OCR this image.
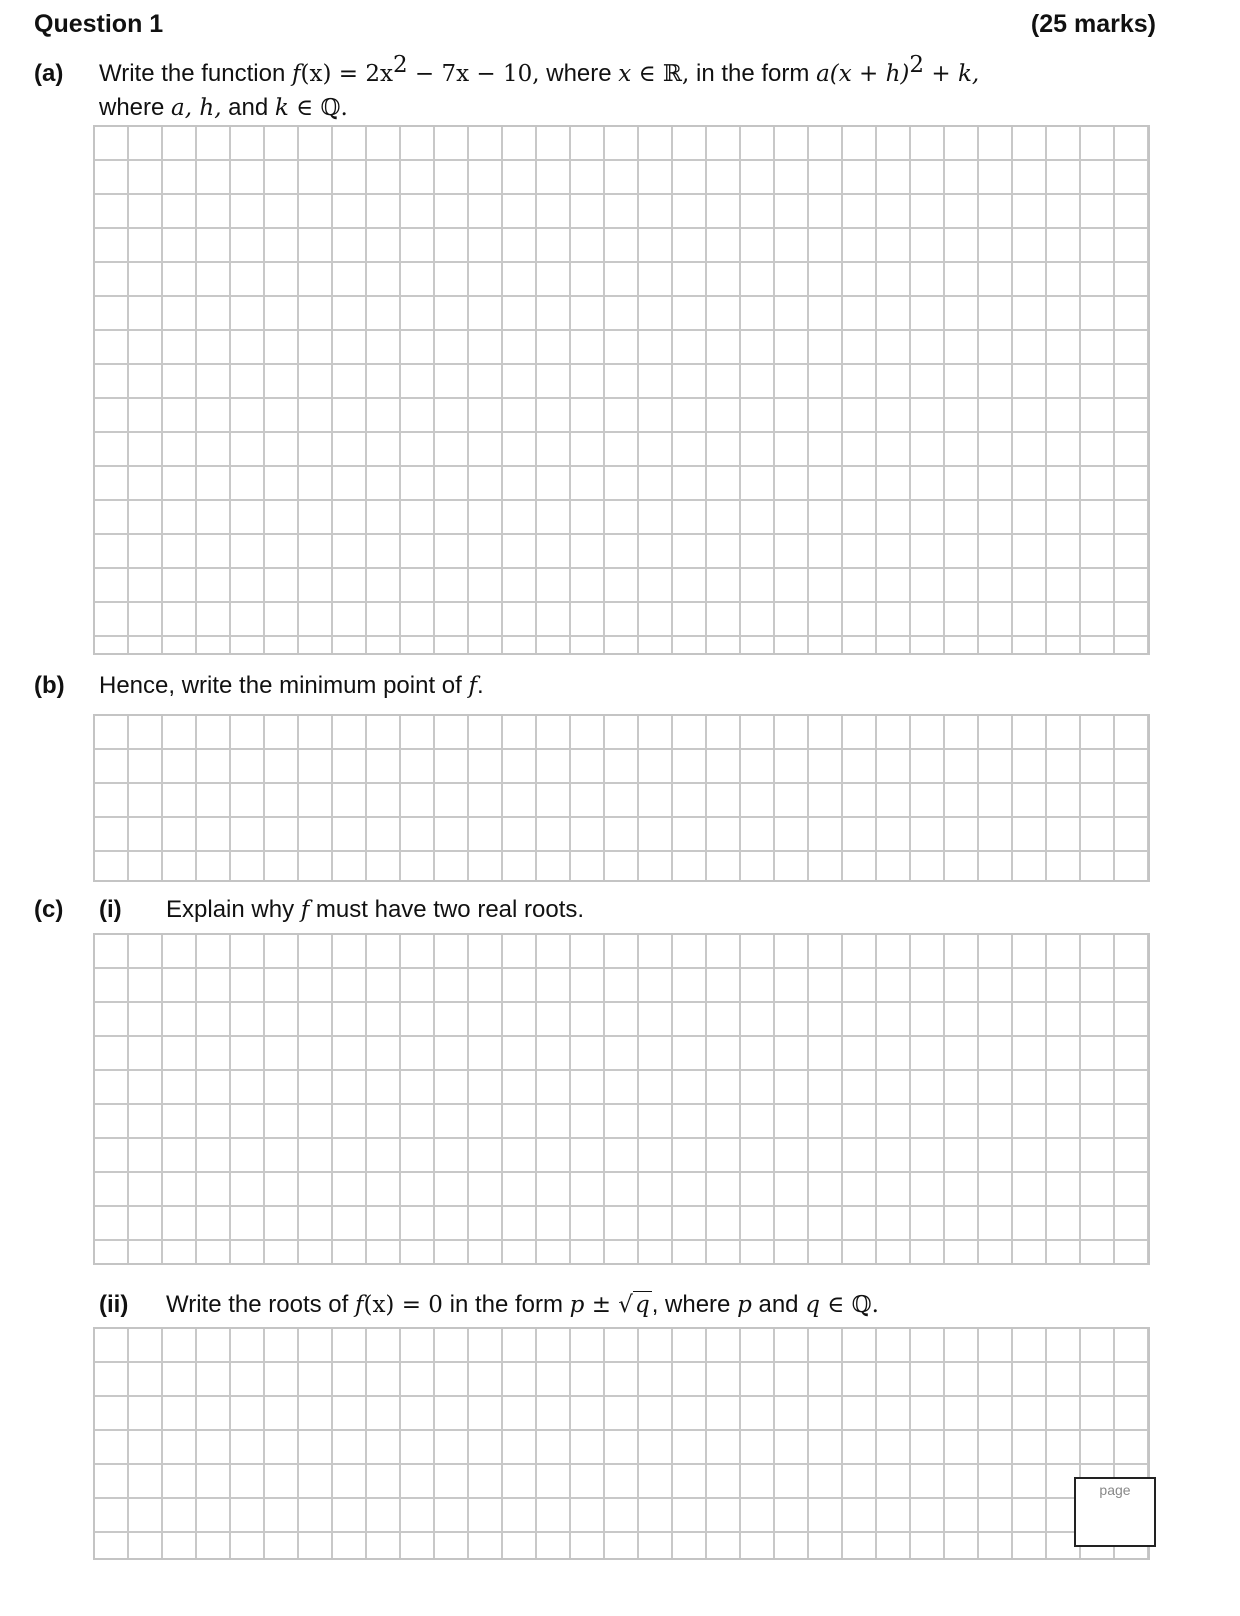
Question 1	(25 marks)
(a) Write the function $f(x) = 2x^2 - 7x - 10$, where x ∈ ℝ, in the form $a(x + h)^2 + k$,
where a, h, and k ∈ ℚ.
(b) Hence, write the minimum point of f.
(c) (i) Explain why f must have two real roots.
(ii) Write the roots of f(x) = 0 in the form p ± √q, where p and q ∈ ℚ.
page
